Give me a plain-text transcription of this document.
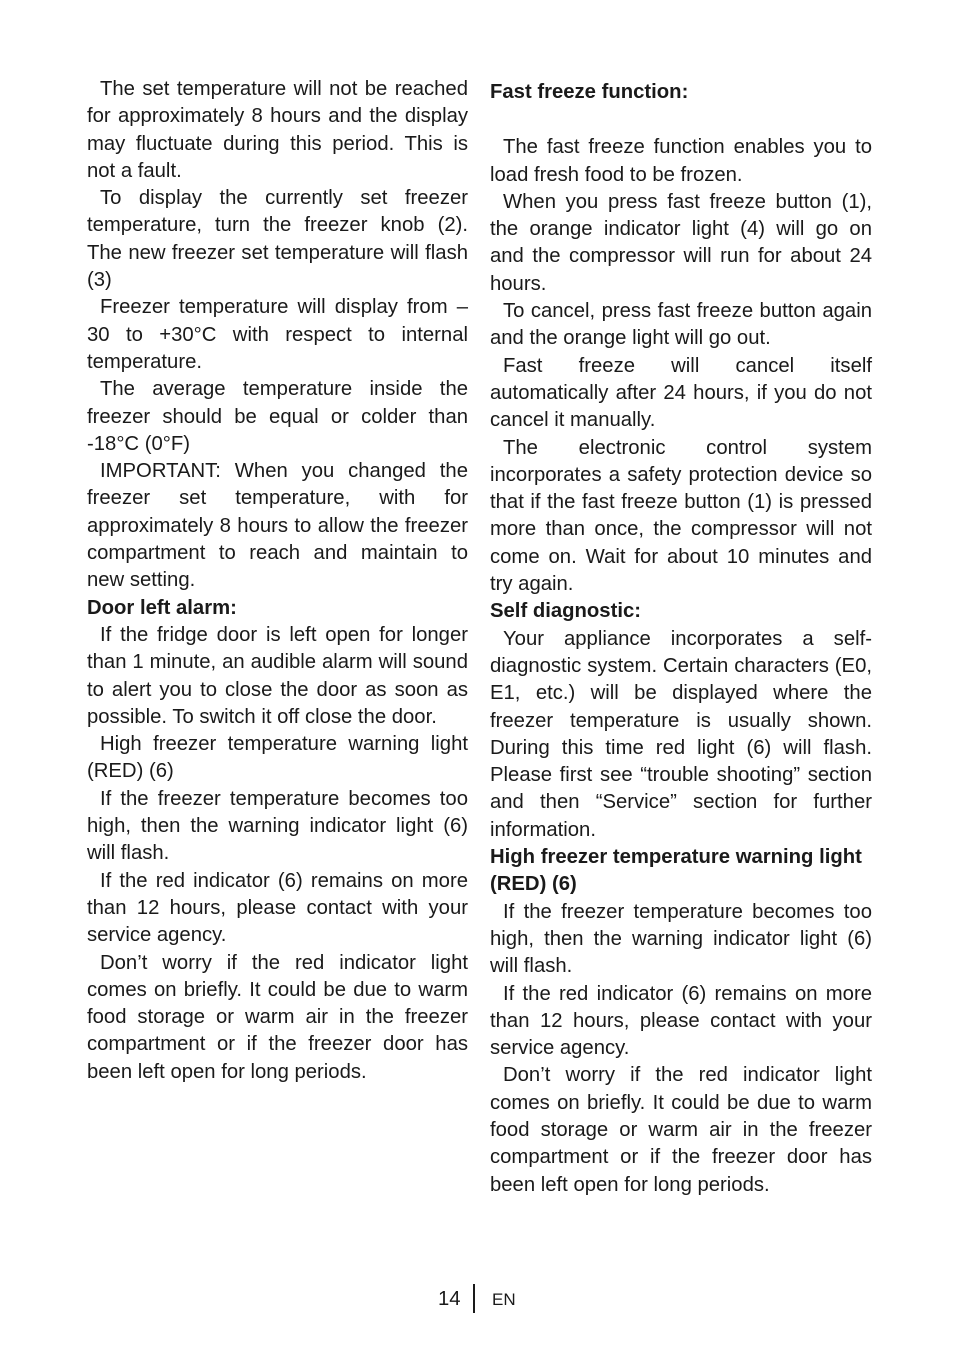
The set temperature will not be reached for approximately 8 hours and the display may fluctuate during this period. This is not a fault.

To display the currently set freezer temperature, turn the freezer knob (2). The new freezer set temperature will flash (3)

Freezer temperature will display from –30 to +30°C with respect to internal temperature.

The average temperature inside the freezer should be equal or colder than -18°C (0°F)

IMPORTANT: When you changed the freezer set temperature, with for approximately 8 hours to allow the freezer compartment to reach and maintain to new setting.

Door left alarm:

If the fridge door is left open for longer than 1 minute, an audible alarm will sound to alert you to close the door as soon as possible. To switch it off close the door.

High freezer temperature warning light (RED) (6)

If the freezer temperature becomes too high, then the warning indicator light (6) will flash.

If the red indicator (6) remains on more than 12 hours, please contact with your service agency.

Don’t worry if the red indicator light comes on briefly. It could be due to warm food storage or warm air in the freezer compartment or if the freezer door has been left open for long periods.

Fast freeze function:

The fast freeze function enables you to load fresh food to be frozen.

When you press fast freeze button (1), the orange indicator light (4) will go on and the compressor will run for about 24 hours.

To cancel, press fast freeze button again and the orange light will go out.

Fast freeze will cancel itself automatically after 24 hours, if you do not cancel it manually.

The electronic control system incorporates a safety protection device so that if the fast freeze button (1) is pressed more than once, the compressor will not come on. Wait for about 10 minutes and try again.

Self diagnostic:

Your appliance incorporates a self-diagnostic system. Certain characters (E0, E1, etc.) will be displayed where the freezer temperature is usually shown. During this time red light (6) will flash. Please first see “trouble shooting” section and then “Service” section for further information.

High freezer temperature warning light (RED) (6)

If the freezer temperature becomes too high, then the warning indicator light (6) will flash.

If the red indicator (6) remains on more than 12 hours, please contact with your service agency.

Don’t worry if the red indicator light comes on briefly. It could be due to warm food storage or warm air in the freezer compartment or if the freezer door has been left open for long periods.

14 EN
